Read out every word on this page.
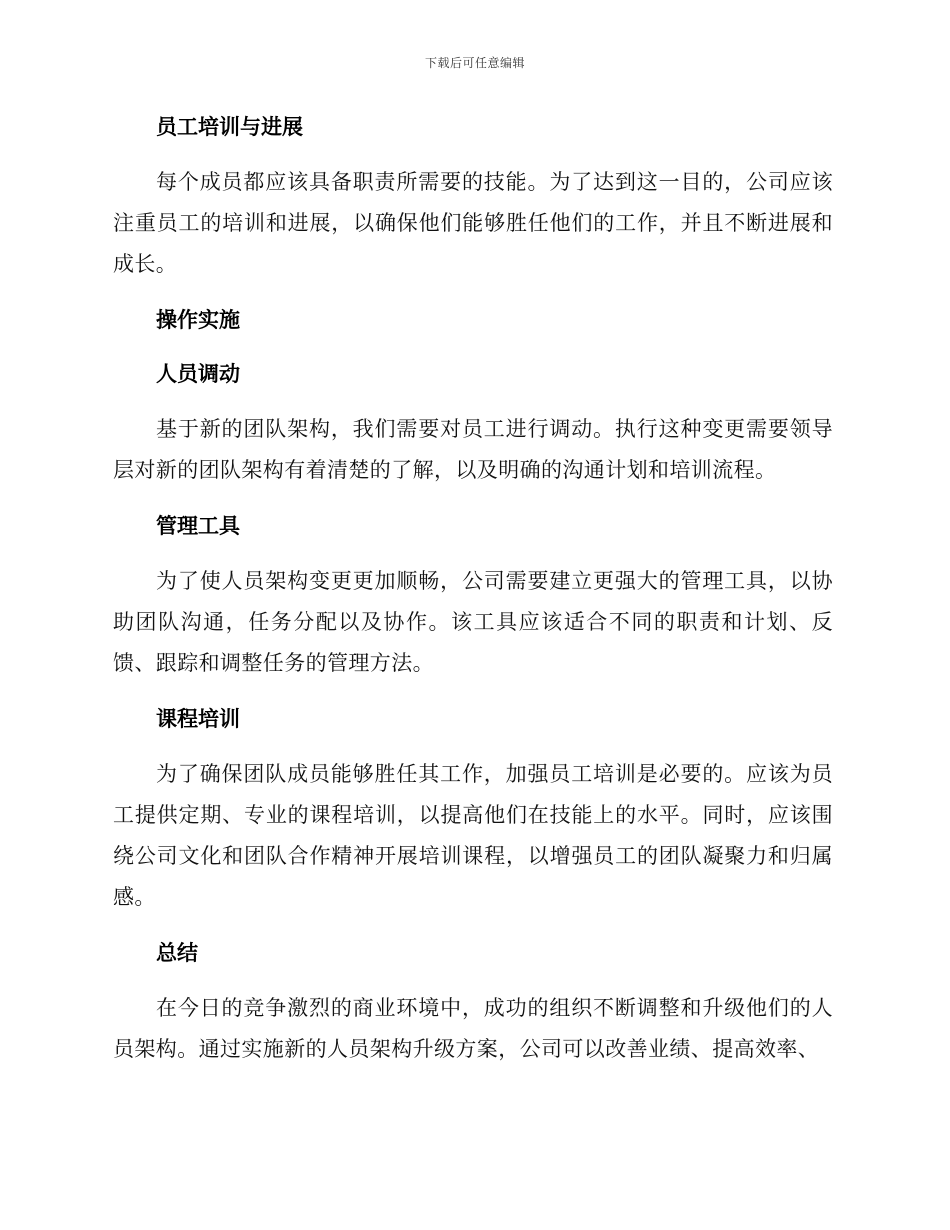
下载后可任意编辑
员工培训与进展

每个成员都应该具备职责所需要的技能。为了达到这一目的，公司应该注重员工的培训和进展，以确保他们能够胜任他们的工作，并且不断进展和成长。

操作实施
人员调动

基于新的团队架构，我们需要对员工进行调动。执行这种变更需要领导层对新的团队架构有着清楚的了解，以及明确的沟通计划和培训流程。

管理工具

为了使人员架构变更更加顺畅，公司需要建立更强大的管理工具，以协助团队沟通，任务分配以及协作。该工具应该适合不同的职责和计划、反馈、跟踪和调整任务的管理方法。

课程培训

为了确保团队成员能够胜任其工作，加强员工培训是必要的。应该为员工提供定期、专业的课程培训，以提高他们在技能上的水平。同时，应该围绕公司文化和团队合作精神开展培训课程，以增强员工的团队凝聚力和归属感。

总结

在今日的竞争激烈的商业环境中，成功的组织不断调整和升级他们的人员架构。通过实施新的人员架构升级方案，公司可以改善业绩、提高效率、
